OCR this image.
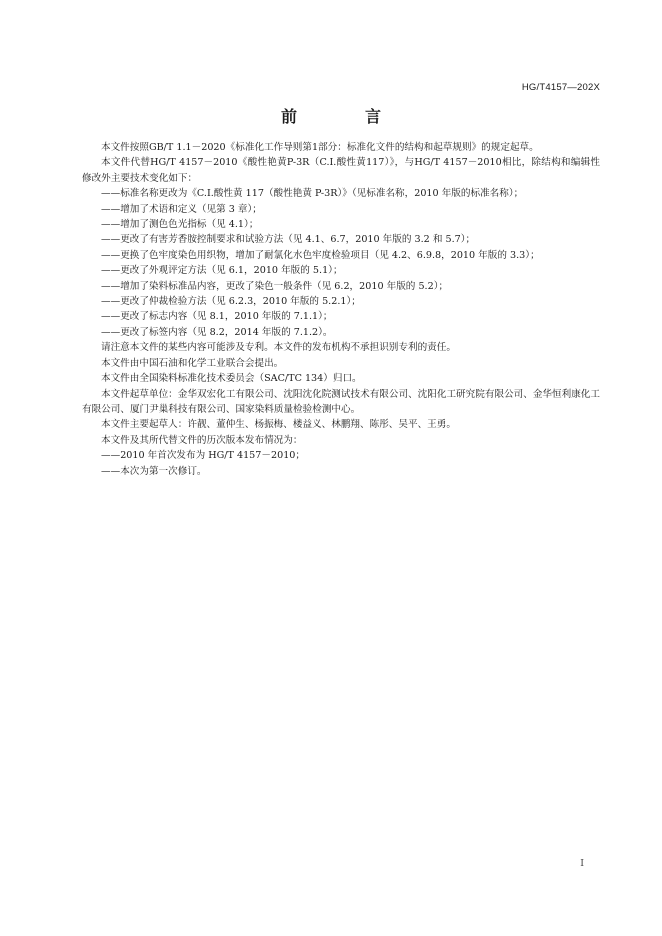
HG/T4157—202X
前　言

本文件按照GB/T 1.1－2020《标准化工作导则第1部分：标准化文件的结构和起草规则》的规定起草。

本文件代替HG/T 4157－2010《酸性艳黄P-3R（C.I.酸性黄117）》，与HG/T 4157－2010相比，除结构和编辑性修改外主要技术变化如下：

——标准名称更改为《C.I.酸性黄 117（酸性艳黄 P-3R）》（见标准名称，2010 年版的标准名称）；

——增加了术语和定义（见第 3 章）；

——增加了测色色光指标（见 4.1）；

——更改了有害芳香胺控制要求和试验方法（见 4.1、6.7，2010 年版的 3.2 和 5.7）；

——更换了色牢度染色用织物，增加了耐氯化水色牢度检验项目（见 4.2、6.9.8，2010 年版的 3.3）；

——更改了外观评定方法（见 6.1，2010 年版的 5.1）；

——增加了染料标准品内容，更改了染色一般条件（见 6.2，2010 年版的 5.2）；

——更改了仲裁检验方法（见 6.2.3，2010 年版的 5.2.1）；

——更改了标志内容（见 8.1，2010 年版的 7.1.1）；

——更改了标签内容（见 8.2，2014 年版的 7.1.2）。

请注意本文件的某些内容可能涉及专利。本文件的发布机构不承担识别专利的责任。

本文件由中国石油和化学工业联合会提出。

本文件由全国染料标准化技术委员会（SAC/TC 134）归口。

本文件起草单位：金华双宏化工有限公司、沈阳沈化院测试技术有限公司、沈阳化工研究院有限公司、金华恒利康化工有限公司、厦门尹巢科技有限公司、国家染料质量检验检测中心。

本文件主要起草人：许靓、董仲生、杨振梅、楼益义、林鹏翔、陈彤、吴平、王勇。

本文件及其所代替文件的历次版本发布情况为：

——2010 年首次发布为 HG/T 4157－2010；

——本次为第一次修订。

I
